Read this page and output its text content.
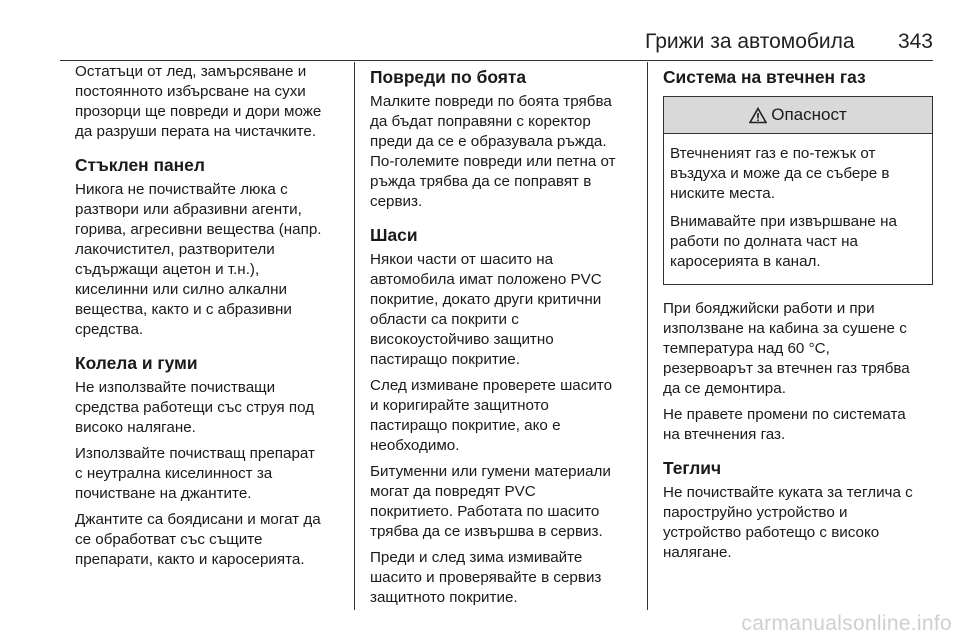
Грижи за автомобила	343

Остатъци от лед, замърсяване и
постоянното избърсване на сухи
прозорци ще повреди и дори може
да разруши перата на чистачките.

Стъклен панел

Никога не почиствайте люка с
разтвори или абразивни агенти,
горива, агресивни вещества (напр.
лакочистител, разтворители
съдържащи ацетон и т.н.),
киселинни или силно алкални
вещества, както и с абразивни
средства.

Колела и гуми

Не използвайте почистващи
средства работещи със струя под
високо налягане.

Използвайте почистващ препарат
с неутрална киселинност за
почистване на джантите.

Джантите са боядисани и могат да
се обработват със същите
препарати, както и каросерията.

Повреди по боята

Малките повреди по боята трябва
да бъдат поправяни с коректор
преди да се е образувала ръжда.
По-големите повреди или петна от
ръжда трябва да се поправят в
сервиз.

Шаси

Някои части от шасито на
автомобила имат положено PVC
покритие, докато други критични
области са покрити с
високоустойчиво защитно
пастиращо покритие.

След измиване проверете шасито
и коригирайте защитното
пастиращо покритие, ако е
необходимо.

Битуменни или гумени материали
могат да повредят PVC
покритието. Работата по шасито
трябва да се извършва в сервиз.

Преди и след зима измивайте
шасито и проверявайте в сервиз
защитното покритие.

Система на втечнен газ
Опасност

Втечненият газ е по-тежък от
въздуха и може да се събере в
ниските места.

Внимавайте при извършване на
работи по долната част на
каросерията в канал.

При бояджийски работи и при
използване на кабина за сушене с
температура над 60 °C,
резервоарът за втечнен газ трябва
да се демонтира.

Не правете промени по системата
на втечнения газ.

Теглич

Не почиствайте куката за теглича с
пароструйно устройство и
устройство работещо с високо
налягане.

carmanualsonline.info
